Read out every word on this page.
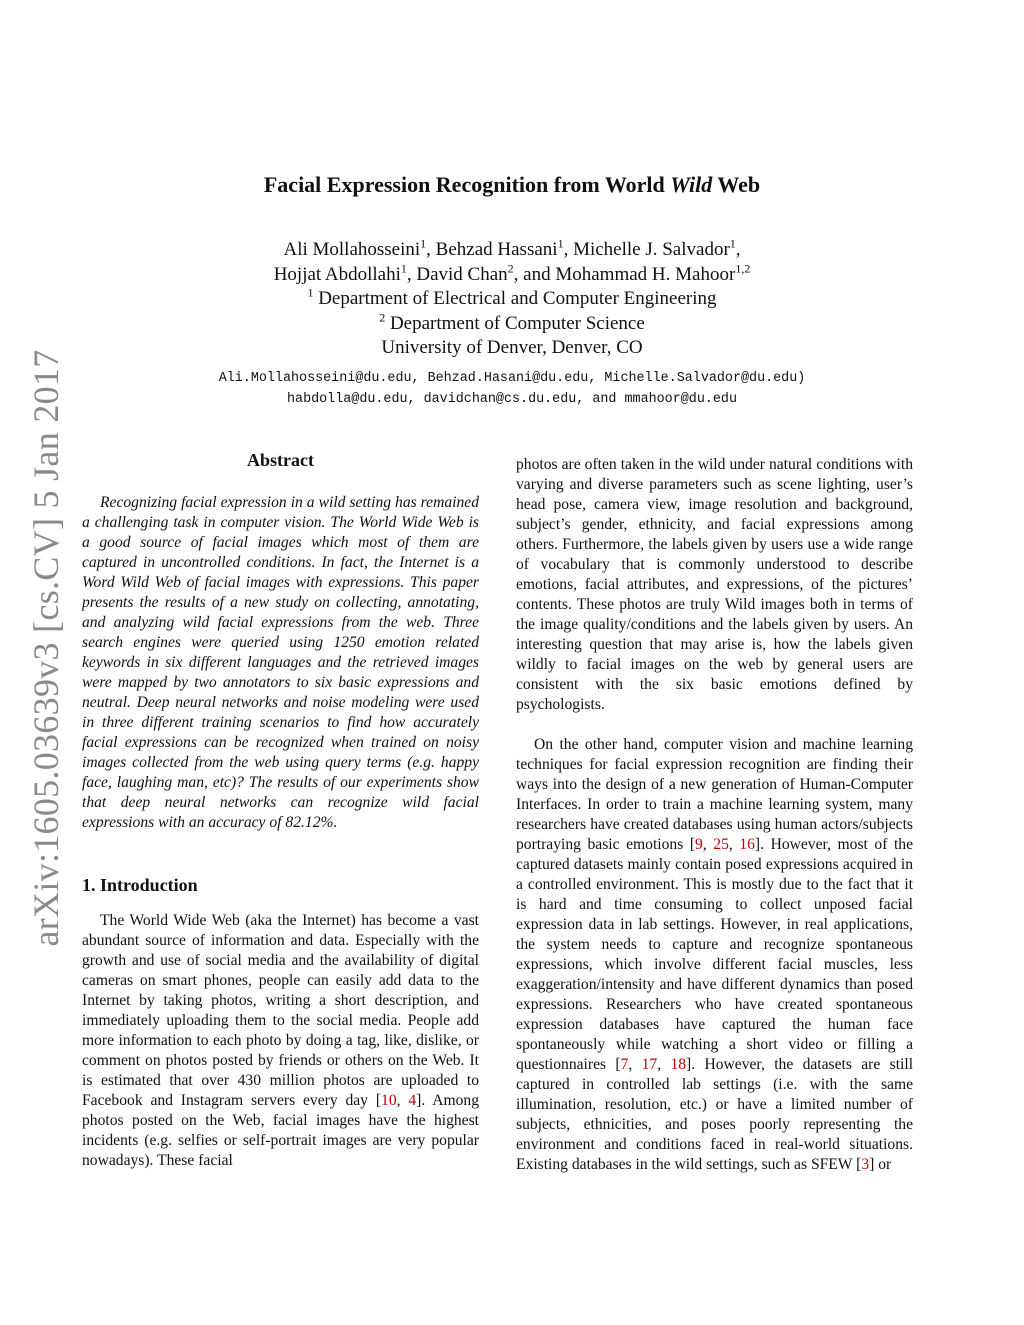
arXiv:1605.03639v3 [cs.CV] 5 Jan 2017
Facial Expression Recognition from World Wild Web
Ali Mollahosseini$^1$, Behzad Hassani$^1$, Michelle J. Salvador$^1$,
Hojjat Abdollahi$^1$, David Chan$^2$, and Mohammad H. Mahoor$^{1,2}$
$^1$ Department of Electrical and Computer Engineering
$^2$ Department of Computer Science
University of Denver, Denver, CO
Ali.Mollahosseini@du.edu, Behzad.Hasani@du.edu, Michelle.Salvador@du.edu)
habdolla@du.edu, davidchan@cs.du.edu, and mmahoor@du.edu
Abstract

Recognizing facial expression in a wild setting has remained a challenging task in computer vision. The World Wide Web is a good source of facial images which most of them are captured in uncontrolled conditions. In fact, the Internet is a Word Wild Web of facial images with expressions. This paper presents the results of a new study on collecting, annotating, and analyzing wild facial expressions from the web. Three search engines were queried using 1250 emotion related keywords in six different languages and the retrieved images were mapped by two annotators to six basic expressions and neutral. Deep neural networks and noise modeling were used in three different training scenarios to find how accurately facial expressions can be recognized when trained on noisy images collected from the web using query terms (e.g. happy face, laughing man, etc)? The results of our experiments show that deep neural networks can recognize wild facial expressions with an accuracy of 82.12%.

1. Introduction

The World Wide Web (aka the Internet) has become a vast abundant source of information and data. Especially with the growth and use of social media and the availability of digital cameras on smart phones, people can easily add data to the Internet by taking photos, writing a short description, and immediately uploading them to the social media. People add more information to each photo by doing a tag, like, dislike, or comment on photos posted by friends or others on the Web. It is estimated that over 430 million photos are uploaded to Facebook and Instagram servers every day [10, 4]. Among photos posted on the Web, facial images have the highest incidents (e.g. selfies or self-portrait images are very popular nowadays). These facial

photos are often taken in the wild under natural conditions with varying and diverse parameters such as scene lighting, user’s head pose, camera view, image resolution and background, subject’s gender, ethnicity, and facial expressions among others. Furthermore, the labels given by users use a wide range of vocabulary that is commonly understood to describe emotions, facial attributes, and expressions, of the pictures’ contents. These photos are truly Wild images both in terms of the image quality/conditions and the labels given by users. An interesting question that may arise is, how the labels given wildly to facial images on the web by general users are consistent with the six basic emotions defined by psychologists.

On the other hand, computer vision and machine learning techniques for facial expression recognition are finding their ways into the design of a new generation of Human-Computer Interfaces. In order to train a machine learning system, many researchers have created databases using human actors/subjects portraying basic emotions [9, 25, 16]. However, most of the captured datasets mainly contain posed expressions acquired in a controlled environment. This is mostly due to the fact that it is hard and time consuming to collect unposed facial expression data in lab settings. However, in real applications, the system needs to capture and recognize spontaneous expressions, which involve different facial muscles, less exaggeration/intensity and have different dynamics than posed expressions. Researchers who have created spontaneous expression databases have captured the human face spontaneously while watching a short video or filling a questionnaires [7, 17, 18]. However, the datasets are still captured in controlled lab settings (i.e. with the same illumination, resolution, etc.) or have a limited number of subjects, ethnicities, and poses poorly representing the environment and conditions faced in real-world situations. Existing databases in the wild settings, such as SFEW [3] or
